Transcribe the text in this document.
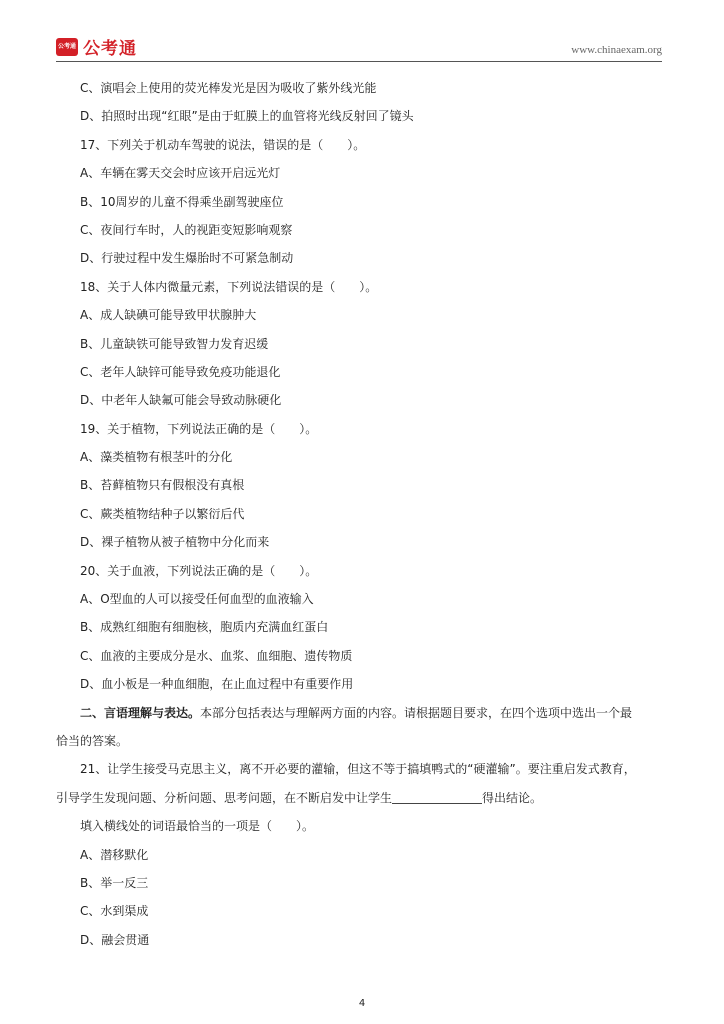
公考通 公考通	www.chinaexam.org
C、演唱会上使用的荧光棒发光是因为吸收了紫外线光能
D、拍照时出现“红眼”是由于虹膜上的血管将光线反射回了镜头
17、下列关于机动车驾驶的说法，错误的是（　　）。
A、车辆在雾天交会时应该开启远光灯
B、10周岁的儿童不得乘坐副驾驶座位
C、夜间行车时，人的视距变短影响观察
D、行驶过程中发生爆胎时不可紧急制动
18、关于人体内微量元素，下列说法错误的是（　　）。
A、成人缺碘可能导致甲状腺肿大
B、儿童缺铁可能导致智力发育迟缓
C、老年人缺锌可能导致免疫功能退化
D、中老年人缺氟可能会导致动脉硬化
19、关于植物，下列说法正确的是（　　）。
A、藻类植物有根茎叶的分化
B、苔藓植物只有假根没有真根
C、蕨类植物结种子以繁衍后代
D、裸子植物从被子植物中分化而来
20、关于血液，下列说法正确的是（　　）。
A、O型血的人可以接受任何血型的血液输入
B、成熟红细胞有细胞核，胞质内充满血红蛋白
C、血液的主要成分是水、血浆、血细胞、遗传物质
D、血小板是一种血细胞，在止血过程中有重要作用
二、言语理解与表达。本部分包括表达与理解两方面的内容。请根据题目要求，在四个选项中选出一个最
恰当的答案。
21、让学生接受马克思主义，离不开必要的灌输，但这不等于搞填鸭式的“硬灌输”。要注重启发式教育，
引导学生发现问题、分析问题、思考问题，在不断启发中让学生	得出结论。
填入横线处的词语最恰当的一项是（　　）。
A、潜移默化
B、举一反三
C、水到渠成
D、融会贯通
4
